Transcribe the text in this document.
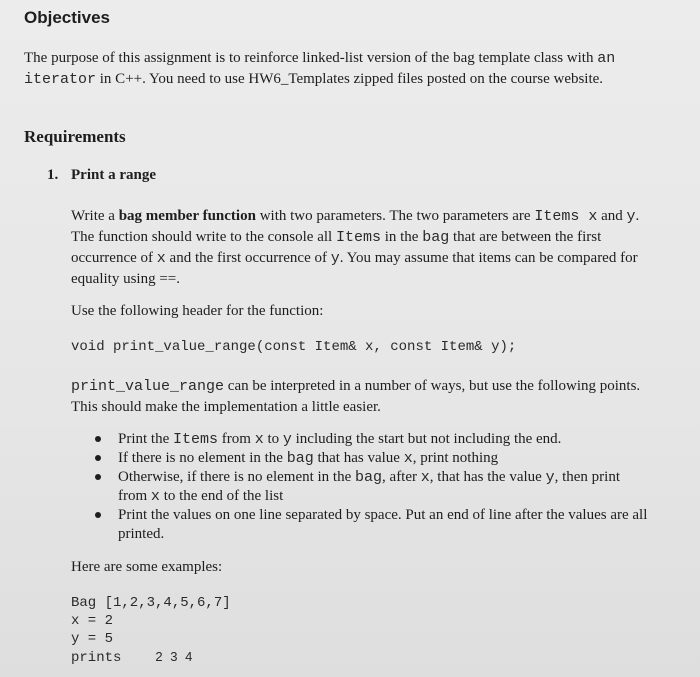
Objectives
The purpose of this assignment is to reinforce linked-list version of the bag template class with an iterator in C++. You need to use HW6_Templates zipped files posted on the course website.
Requirements
1. Print a range
Write a bag member function with two parameters. The two parameters are Items x and y. The function should write to the console all Items in the bag that are between the first occurrence of x and the first occurrence of y. You may assume that items can be compared for equality using ==.
Use the following header for the function:
void print_value_range(const Item& x, const Item& y);
print_value_range can be interpreted in a number of ways, but use the following points. This should make the implementation a little easier.
Print the Items from x to y including the start but not including the end.
If there is no element in the bag that has value x, print nothing
Otherwise, if there is no element in the bag, after x, that has the value y, then print from x to the end of the list
Print the values on one line separated by space. Put an end of line after the values are all printed.
Here are some examples:
Bag [1,2,3,4,5,6,7]
x = 2
y = 5
prints	2 3 4
